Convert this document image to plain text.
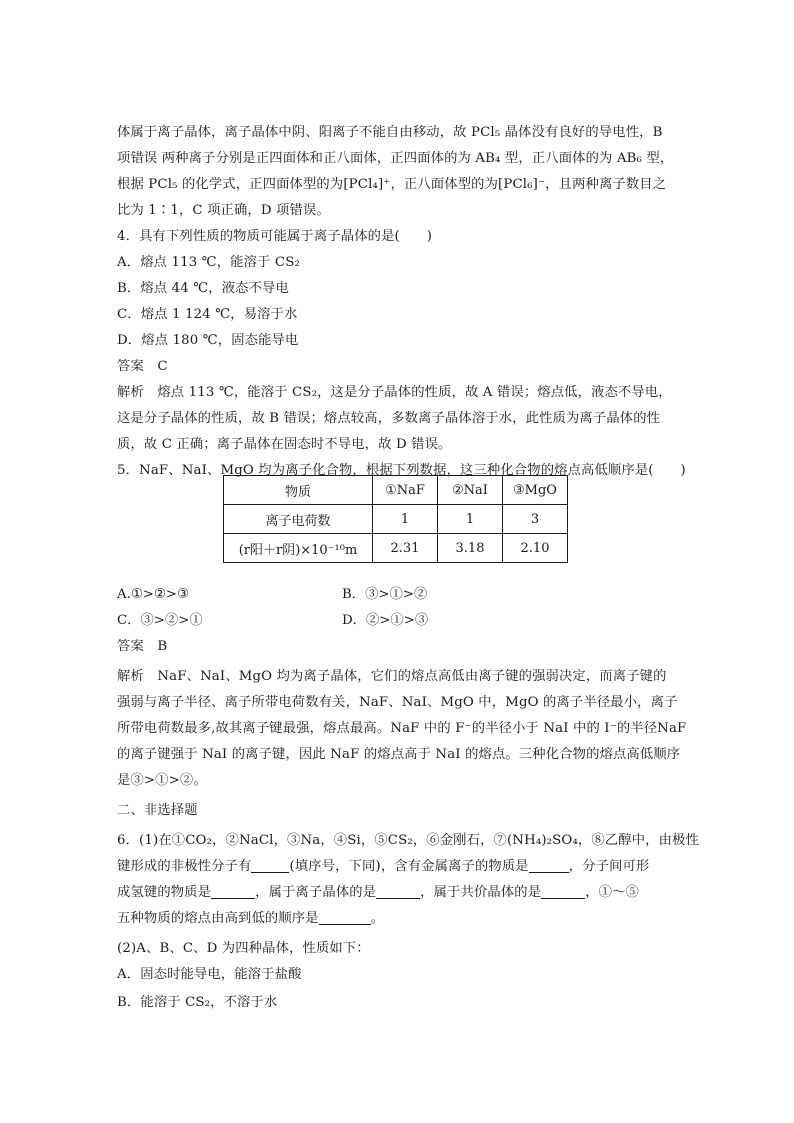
体属于离子晶体，离子晶体中阴、阳离子不能自由移动，故 PCl₅ 晶体没有良好的导电性，B
项错误 两种离子分别是正四面体和正八面体，正四面体的为 AB₄ 型，正八面体的为 AB₆ 型，
根据 PCl₅ 的化学式，正四面体型的为[PCl₄]⁺，正八面体型的为[PCl₆]⁻，且两种离子数目之
比为 1∶1，C 项正确，D 项错误。
4．具有下列性质的物质可能属于离子晶体的是(　　)
A．熔点 113 ℃，能溶于 CS₂
B．熔点 44 ℃，液态不导电
C．熔点 1 124 ℃，易溶于水
D．熔点 180 ℃，固态能导电
答案　C
解析　熔点 113 ℃，能溶于 CS₂，这是分子晶体的性质，故 A 错误；熔点低，液态不导电，
这是分子晶体的性质，故 B 错误；熔点较高，多数离子晶体溶于水，此性质为离子晶体的性
质，故 C 正确；离子晶体在固态时不导电，故 D 错误。
5．NaF、NaI、MgO 均为离子化合物，根据下列数据，这三种化合物的熔点高低顺序是(　　)
物质	①NaF	②NaI	③MgO
离子电荷数	1	1	3
(r阳＋r阴)×10⁻¹⁰m	2.31	3.18	2.10
A.①>②>③	B．③>①>②
C．③>②>①	D．②>①>③
答案　B
解析　NaF、NaI、MgO 均为离子晶体，它们的熔点高低由离子键的强弱决定，而离子键的
强弱与离子半径、离子所带电荷数有关，NaF、NaI、MgO 中，MgO 的离子半径最小，离子
所带电荷数最多,故其离子键最强，熔点最高。NaF 中的 F⁻的半径小于 NaI 中的 I⁻的半径NaF
的离子键强于 NaI 的离子键，因此 NaF 的熔点高于 NaI 的熔点。三种化合物的熔点高低顺序
是③>①>②。
二、非选择题
6．(1)在①CO₂，②NaCl，③Na，④Si，⑤CS₂，⑥金刚石，⑦(NH₄)₂SO₄，⑧乙醇中，由极性
键形成的非极性分子有	(填序号，下同)，含有金属离子的物质是	，分子间可形
成氢键的物质是	，属于离子晶体的是	，属于共价晶体的是	，①～⑤
五种物质的熔点由高到低的顺序是	。
(2)A、B、C、D 为四种晶体，性质如下：
A．固态时能导电，能溶于盐酸
B．能溶于 CS₂，不溶于水
